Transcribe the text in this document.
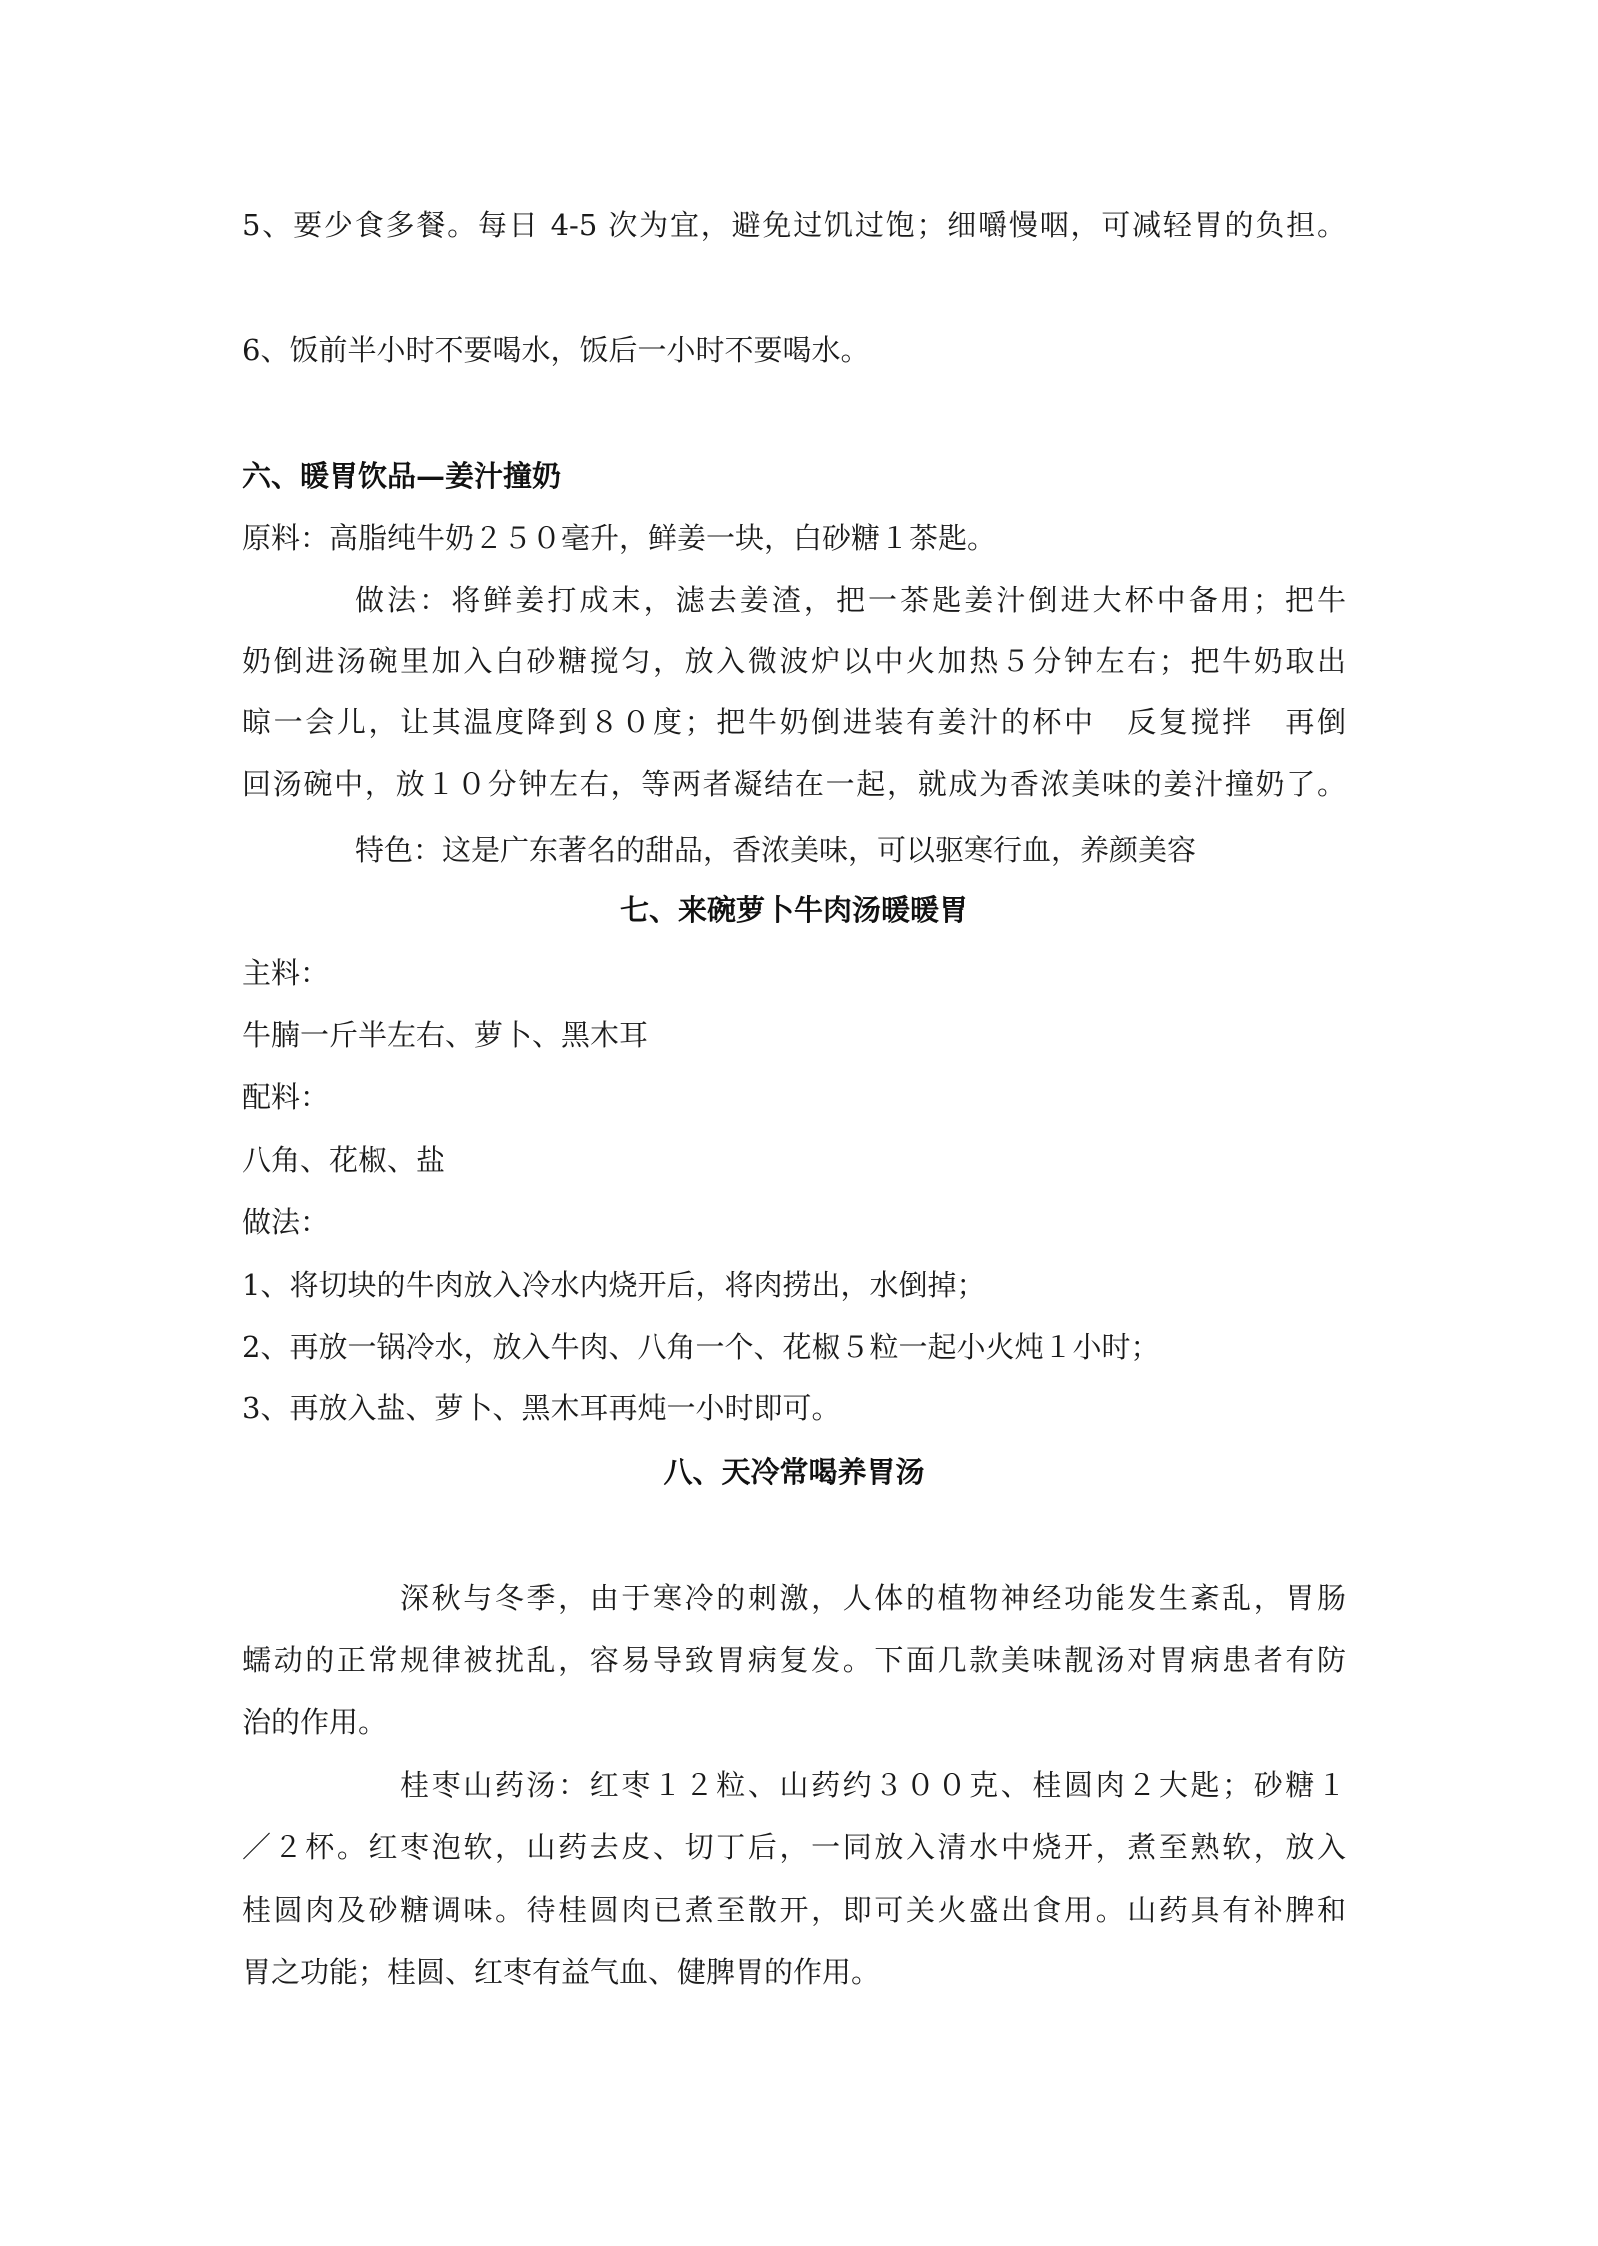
5、要少食多餐。每日 4-5 次为宜，避免过饥过饱；细嚼慢咽，可减轻胃的负担。
6、饭前半小时不要喝水，饭后一小时不要喝水。
六、暖胃饮品—姜汁撞奶
原料：高脂纯牛奶２５０毫升，鲜姜一块，白砂糖１茶匙。
做法：将鲜姜打成末，滤去姜渣，把一茶匙姜汁倒进大杯中备用；把牛
奶倒进汤碗里加入白砂糖搅匀，放入微波炉以中火加热５分钟左右；把牛奶取出
晾一会儿，让其温度降到８０度；把牛奶倒进装有姜汁的杯中　反复搅拌　再倒
回汤碗中，放１０分钟左右，等两者凝结在一起，就成为香浓美味的姜汁撞奶了。
特色：这是广东著名的甜品，香浓美味，可以驱寒行血，养颜美容
七、来碗萝卜牛肉汤暖暖胃
主料：
牛腩一斤半左右、萝卜、黑木耳
配料：
八角、花椒、盐
做法：
1、将切块的牛肉放入冷水内烧开后，将肉捞出，水倒掉；
2、再放一锅冷水，放入牛肉、八角一个、花椒５粒一起小火炖１小时；
3、再放入盐、萝卜、黑木耳再炖一小时即可。
八、天冷常喝养胃汤
深秋与冬季，由于寒冷的刺激，人体的植物神经功能发生紊乱，胃肠
蠕动的正常规律被扰乱，容易导致胃病复发。下面几款美味靓汤对胃病患者有防
治的作用。
桂枣山药汤：红枣１２粒、山药约３００克、桂圆肉２大匙；砂糖１
／２杯。红枣泡软，山药去皮、切丁后，一同放入清水中烧开，煮至熟软，放入
桂圆肉及砂糖调味。待桂圆肉已煮至散开，即可关火盛出食用。山药具有补脾和
胃之功能；桂圆、红枣有益气血、健脾胃的作用。
